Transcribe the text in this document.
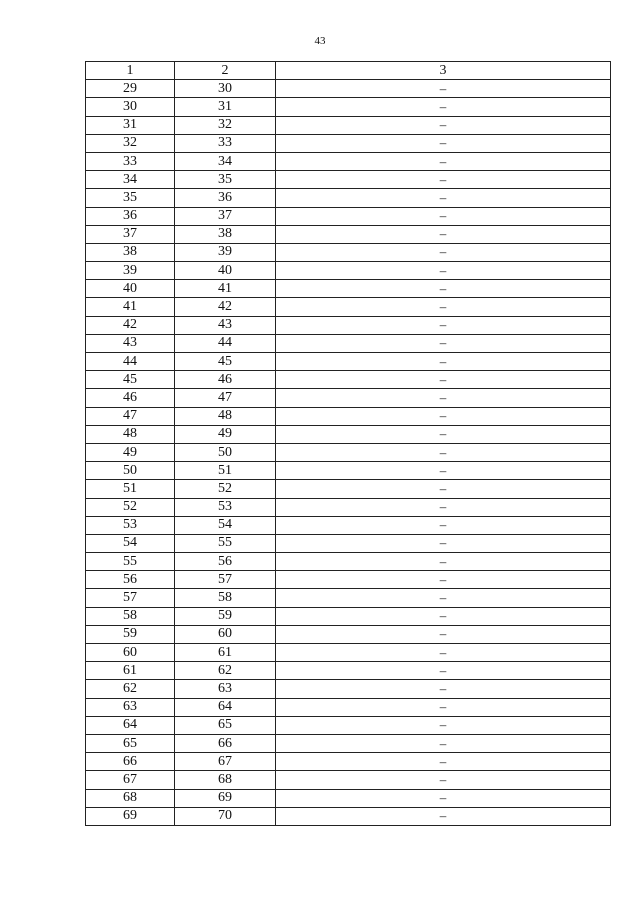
43
1	2	3
29	30	–
30	31	–
31	32	–
32	33	–
33	34	–
34	35	–
35	36	–
36	37	–
37	38	–
38	39	–
39	40	–
40	41	–
41	42	–
42	43	–
43	44	–
44	45	–
45	46	–
46	47	–
47	48	–
48	49	–
49	50	–
50	51	–
51	52	–
52	53	–
53	54	–
54	55	–
55	56	–
56	57	–
57	58	–
58	59	–
59	60	–
60	61	–
61	62	–
62	63	–
63	64	–
64	65	–
65	66	–
66	67	–
67	68	–
68	69	–
69	70	–
